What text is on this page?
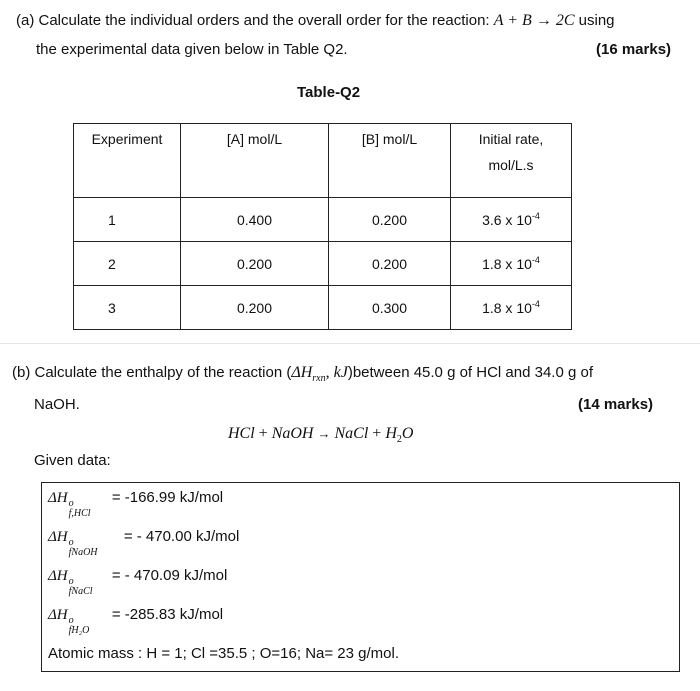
(a) Calculate the individual orders and the overall order for the reaction: A + B → 2C using
the experimental data given below in Table Q2.	(16 marks)
Table-Q2
Experiment	[A] mol/L	[B] mol/L	Initial rate,
mol/L.s
1	0.400	0.200	3.6 x $10^{-4}$
2	0.200	0.200	1.8 x $10^{-4}$
3	0.200	0.300	1.8 x $10^{-4}$
(b) Calculate the enthalpy of the reaction ($\Delta H_{rxn}$, kJ)between 45.0 g of HCl and 34.0 g of
NaOH.	(14 marks)
HCl + NaOH → NaCl + $H_2O$
Given data:
ΔH o
f,HCl
= -166.99 kJ/mol
ΔH o
fNaOH
= - 470.00 kJ/mol
ΔH o
fNaCl
= - 470.09 kJ/mol
ΔH o
fH₂O
= -285.83 kJ/mol
Atomic mass : H = 1; Cl =35.5 ; O=16; Na= 23 g/mol.
